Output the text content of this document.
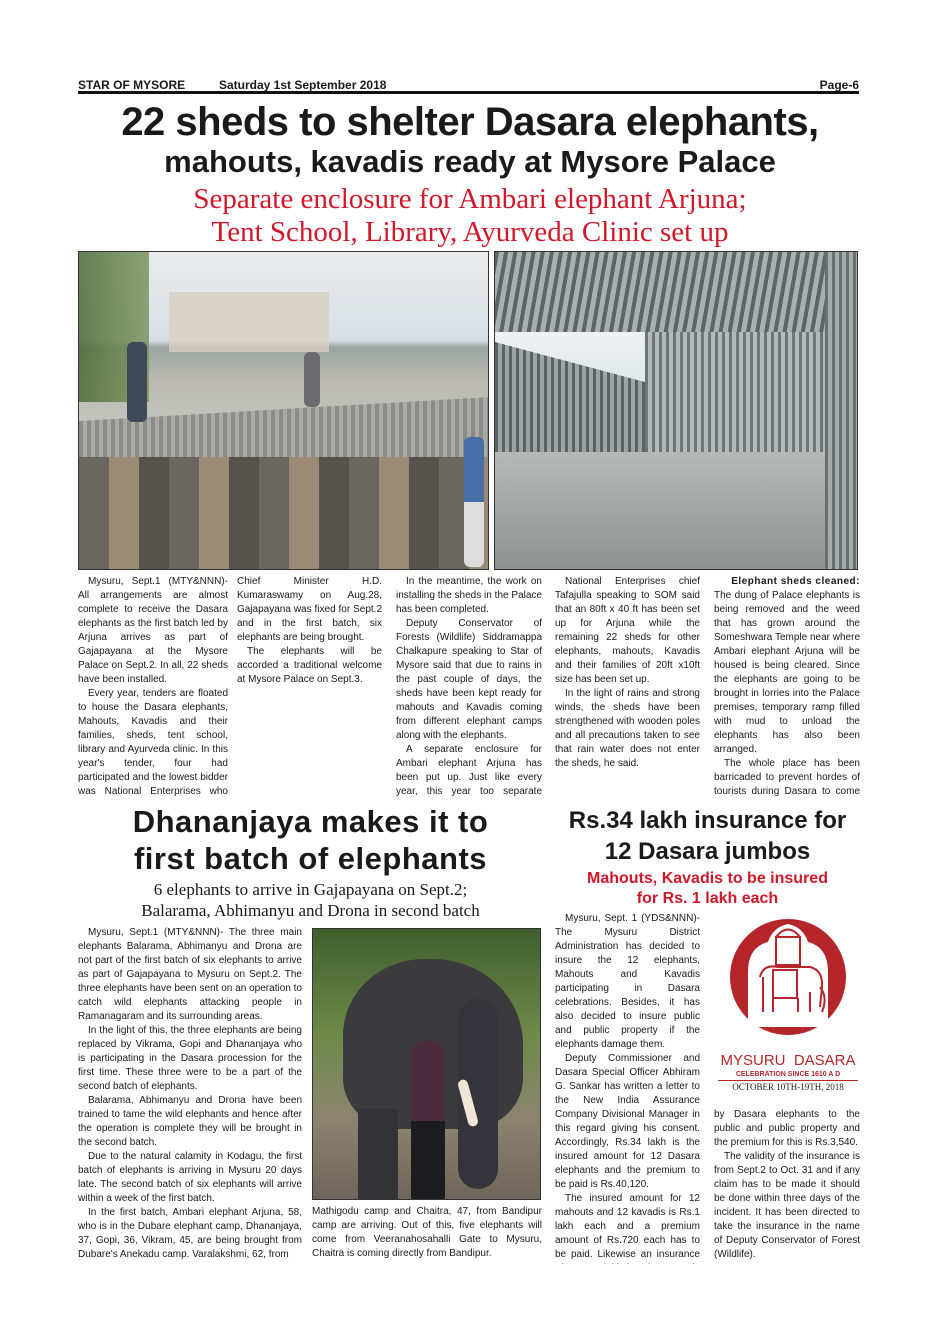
STAR OF MYSORE	Saturday 1st September 2018	Page-6
22 sheds to shelter Dasara elephants,
mahouts, kavadis ready at Mysore Palace
Separate enclosure for Ambari elephant Arjuna;
Tent School, Library, Ayurveda Clinic set up

Mysuru, Sept.1 (MTY&NNN)- All arrangements are almost complete to receive the Dasara elephants as the first batch led by Arjuna arrives as part of Gajapayana at the Mysore Palace on Sept.2. In all, 22 sheds have been installed.

Every year, tenders are floated to house the Dasara elephants, Mahouts, Kavadis and their families, sheds, tent school, library and Ayurveda clinic. In this year's tender, four had participated and the lowest bidder was National Enterprises who

Chief Minister H.D. Kumaraswamy on Aug.28, Gajapayana was fixed for Sept.2 and in the first batch, six elephants are being brought.

The elephants will be accorded a traditional welcome at Mysore Palace on Sept.3.

In the meantime, the work on installing the sheds in the Palace has been completed.

Deputy Conservator of Forests (Wildlife) Siddramappa Chalkapure speaking to Star of Mysore said that due to rains in the past couple of days, the sheds have been kept ready for mahouts and Kavadis coming from different elephant camps along with the elephants.

A separate enclosure for Ambari elephant Arjuna has been put up. Just like every year, this year too separate

National Enterprises chief Tafajulla speaking to SOM said that an 80ft x 40 ft has been set up for Arjuna while the remaining 22 sheds for other elephants, mahouts, Kavadis and their families of 20ft x10ft size has been set up.

In the light of rains and strong winds, the sheds have been strengthened with wooden poles and all precautions taken to see that rain water does not enter the sheds, he said.

Elephant sheds cleaned:

The dung of Palace elephants is being removed and the weed that has grown around the Someshwara Temple near where Ambari elephant Arjuna will be housed is being cleared. Since the elephants are going to be brought in lorries into the Palace premises, temporary ramp filled with mud to unload the elephants has also been arranged.

The whole place has been barricaded to prevent hordes of tourists during Dasara to come

Dhananjaya makes it to
first batch of elephants
6 elephants to arrive in Gajapayana on Sept.2;
Balarama, Abhimanyu and Drona in second batch

Mysuru, Sept.1 (MTY&NNN)- The three main elephants Balarama, Abhimanyu and Drona are not part of the first batch of six elephants to arrive as part of Gajapayana to Mysuru on Sept.2. The three elephants have been sent on an operation to catch wild elephants attacking people in Ramanagaram and its surrounding areas.

In the light of this, the three elephants are being replaced by Vikrama, Gopi and Dhananjaya who is participating in the Dasara procession for the first time. These three were to be a part of the second batch of elephants.

Balarama, Abhimanyu and Drona have been trained to tame the wild elephants and hence after the operation is complete they will be brought in the second batch.

Due to the natural calamity in Kodagu, the first batch of elephants is arriving in Mysuru 20 days late. The second batch of six elephants will arrive within a week of the first batch.

In the first batch, Ambari elephant Arjuna, 58, who is in the Dubare elephant camp, Dhananjaya, 37, Gopi, 36, Vikram, 45, are being brought from Dubare's Anekadu camp. Varalakshmi, 62, from

Mathigodu camp and Chaitra, 47, from Bandipur camp are arriving. Out of this, five elephants will come from Veeranahosahalli Gate to Mysuru, Chaitra is coming directly from Bandipur.
Rs.34 lakh insurance for
12 Dasara jumbos
Mahouts, Kavadis to be insured
for Rs. 1 lakh each

Mysuru, Sept. 1 (YDS&NNN)- The Mysuru District Administration has decided to insure the 12 elephants, Mahouts and Kavadis participating in Dasara celebrations. Besides, it has also decided to insure public and public property if the elephants damage them.

Deputy Commissioner and Dasara Special Officer Abhiram G. Sankar has written a letter to the New India Assurance Company Divisional Manager in this regard giving his consent. Accordingly, Rs.34 lakh is the insured amount for 12 Dasara elephants and the premium to be paid is Rs.40,120.

The insured amount for 12 mahouts and 12 kavadis is Rs.1 lakh each and a premium amount of Rs.720 each has to be paid. Likewise an insurance

MYSURU  DASARA
CELEBRATION SINCE 1610 A D
OCTOBER 10TH-19TH, 2018

by Dasara elephants to the public and public property and the premium for this is Rs.3,540.

The validity of the insurance is from Sept.2 to Oct. 31 and if any claim has to be made it should be done within three days of the incident. It has been directed to take the insurance in the name of Deputy Conservator of Forest (Wildlife).
